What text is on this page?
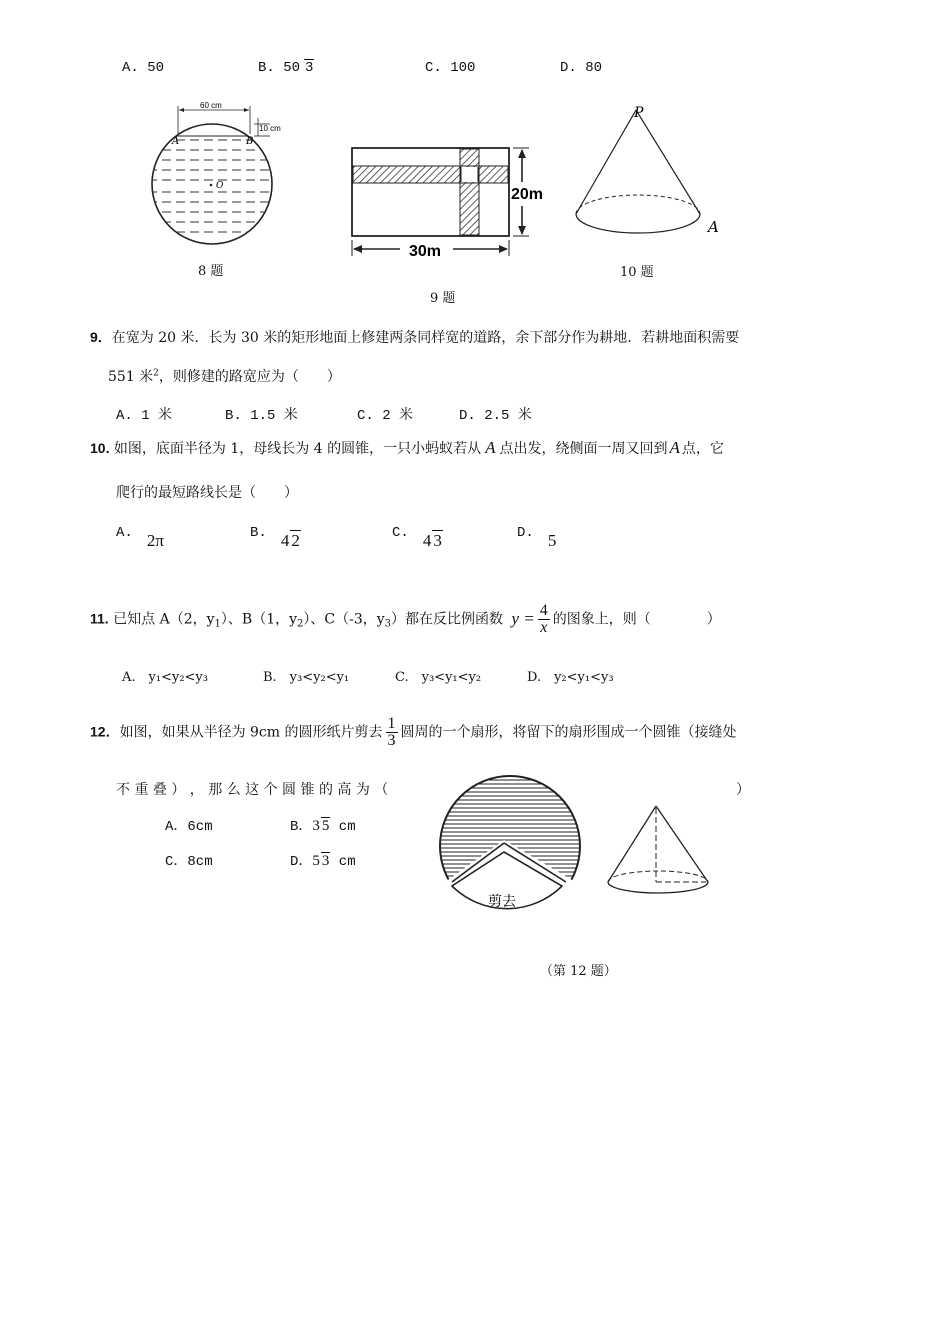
A. 50	B. 50 3	C. 100	D. 80
60 cm
10 cm
A	B
O
8 题
20m
30m
9 题
P
A
10 题
9．在宽为 20 米．长为 30 米的矩形地面上修建两条同样宽的道路，余下部分作为耕地．若耕地面积需要
551 米$^2$，则修建的路宽应为（　　）
A. 1 米	B. 1.5 米	C. 2 米	D. 2.5 米
10. 如图，底面半径为 1，母线长为 4 的圆锥，一只小蚂蚁若从 A 点出发，绕侧面一周又回到 A 点，它
爬行的最短路线长是（　　）
A. 2π	B. 4 2	C. 4 3	D. 5
11. 已知点 A（2，$y_1$）、B（1，$y_2$）、C（-3，$y_3$）都在反比例函数 $y = \frac{4}{x}$ 的图象上，则（　　　　）
A.　y₁<y₂<y₃	B.　y₃<y₂<y₁	C.　y₃<y₁<y₂	D.　y₂<y₁<y₃
12．如图，如果从半径为 9cm 的圆形纸片剪去 $\frac{1}{3}$ 圆周的一个扇形，将留下的扇形围成一个圆锥（接缝处
不 重 叠 ） ， 那 么 这 个 圆 锥 的 高 为 （	）
A．6cm	B．3 5 cm
C．8cm	D．5 3 cm
剪去
（第 12 题）
